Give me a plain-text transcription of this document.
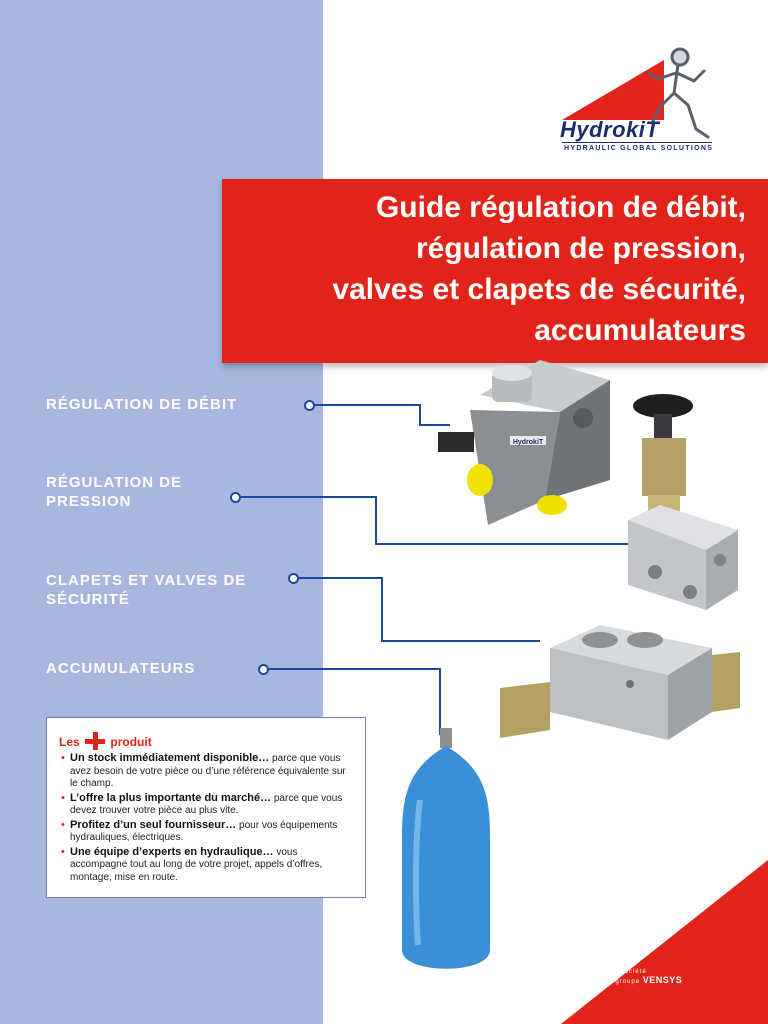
HydrokiT
HYDRAULIC GLOBAL SOLUTIONS

Guide régulation de débit,

régulation de pression,

valves et clapets de sécurité,

accumulateurs

RÉGULATION DE DÉBIT
RÉGULATION DE PRESSION
CLAPETS ET VALVES DE SÉCURITÉ
ACCUMULATEURS
HydrokiT
Les	produit
• Un stock immédiatement disponible… parce que vous avez besoin de votre pièce ou d’une référence équivalente sur le champ.
• L’offre la plus importante du marché… parce que vous devez trouver votre pièce au plus vite.
• Profitez d’un seul fournisseur… pour vos équipements hydrauliques, électriques.
• Une équipe d’experts en hydraulique… vous accompagne tout au long de votre projet, appels d’offres, montage, mise en route.
Une société
du groupe VENSYS
